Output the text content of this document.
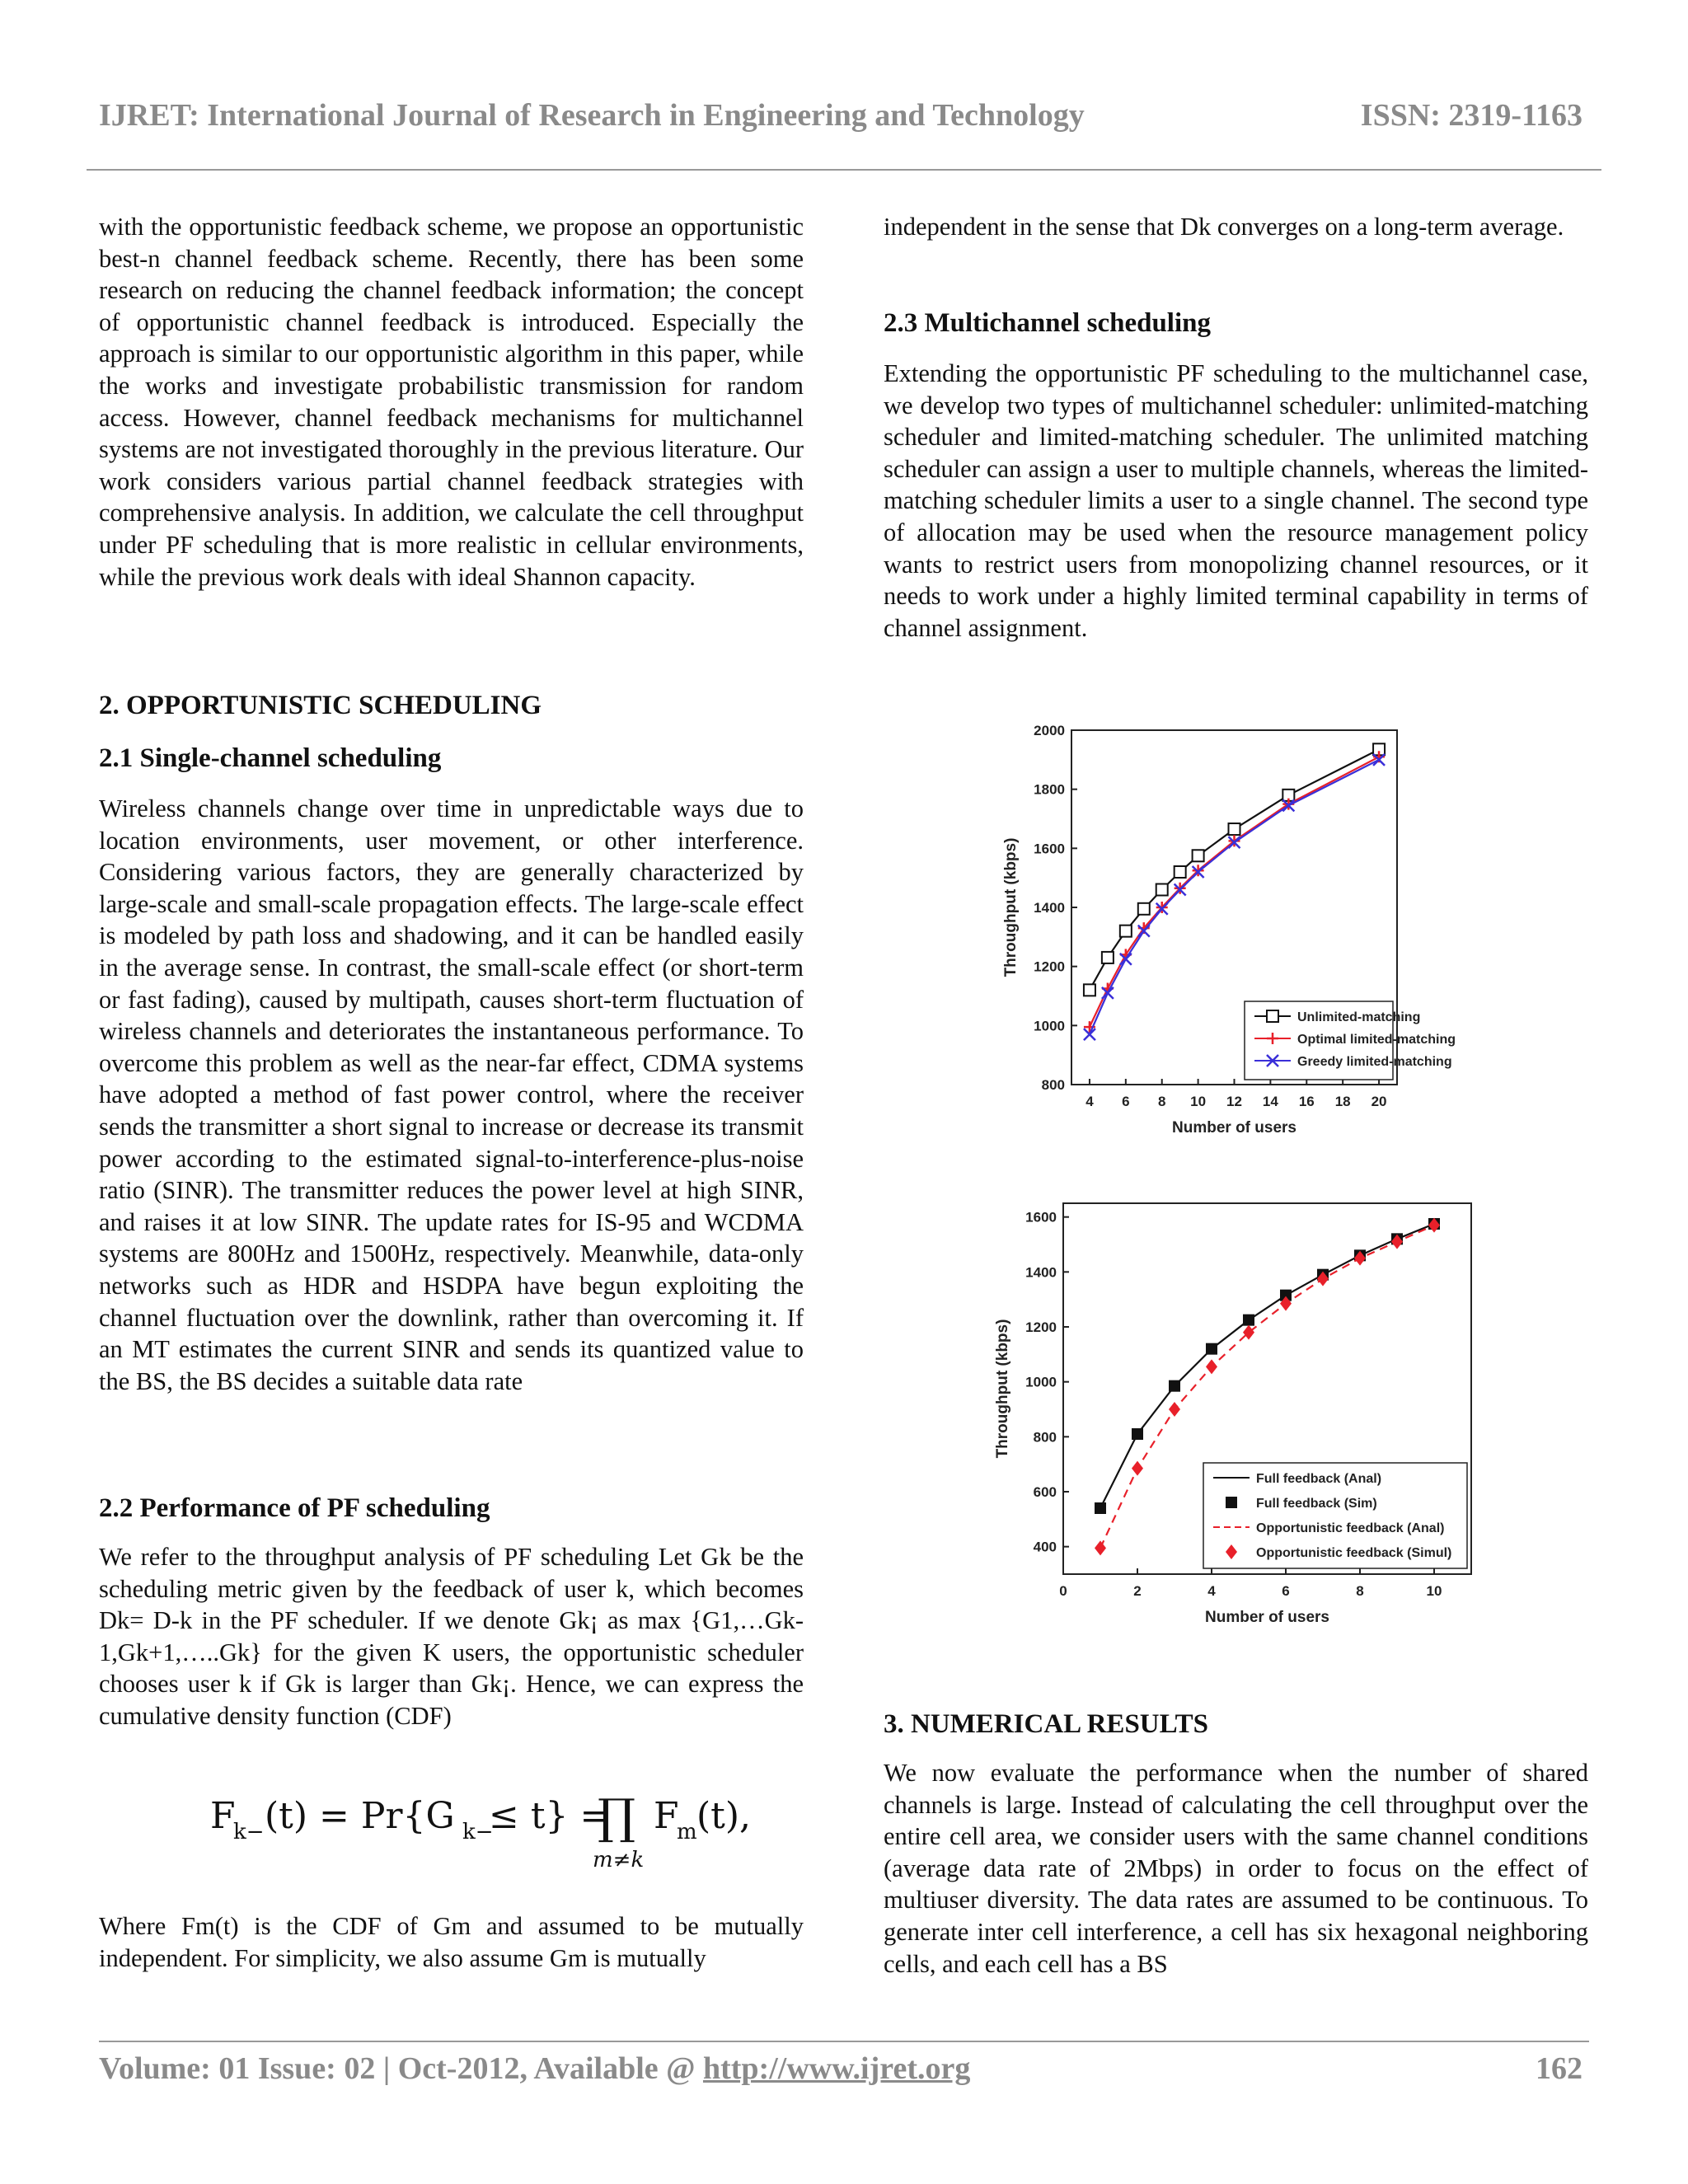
IJRET: International Journal of Research in Engineering and Technology	ISSN: 2319-1163

with the opportunistic feedback scheme, we propose an opportunistic best-n channel feedback scheme. Recently, there has been some research on reducing the channel feedback information; the concept of opportunistic channel feedback is introduced. Especially the approach is similar to our opportunistic algorithm in this paper, while the works and investigate probabilistic transmission for random access. However, channel feedback mechanisms for multichannel systems are not investigated thoroughly in the previous literature. Our work considers various partial channel feedback strategies with comprehensive analysis. In addition, we calculate the cell throughput under PF scheduling that is more realistic in cellular environments, while the previous work deals with ideal Shannon capacity.

2. OPPORTUNISTIC SCHEDULING

2.1 Single-channel scheduling

Wireless channels change over time in unpredictable ways due to location environments, user movement, or other interference. Considering various factors, they are generally characterized by large-scale and small-scale propagation effects. The large-scale effect is modeled by path loss and shadowing, and it can be handled easily in the average sense. In contrast, the small-scale effect (or short-term or fast fading), caused by multipath, causes short-term fluctuation of wireless channels and deteriorates the instantaneous performance. To overcome this problem as well as the near-far effect, CDMA systems have adopted a method of fast power control, where the receiver sends the transmitter a short signal to increase or decrease its transmit power according to the estimated signal-to-interference-plus-noise ratio (SINR). The transmitter reduces the power level at high SINR, and raises it at low SINR. The update rates for IS-95 and WCDMA systems are 800Hz and 1500Hz, respectively. Meanwhile, data-only networks such as HDR and HSDPA have begun exploiting the channel fluctuation over the downlink, rather than overcoming it. If an MT estimates the current SINR and sends its quantized value to the BS, the BS decides a suitable data rate

2.2 Performance of PF scheduling

We refer to the throughput analysis of PF scheduling Let Gk be the scheduling metric given by the feedback of user k, which becomes Dk= D-k in the PF scheduler. If we denote Gk¡ as max {G1,…Gk-1,Gk+1,…..Gk} for the given K users, the opportunistic scheduler chooses user k if Gk is larger than Gk¡. Hence, we can express the cumulative density function (CDF)

F
k− (t) = Pr{G k−
≤ t} =
∏
m≠k
F
m (t),

Where Fm(t) is the CDF of Gm and assumed to be mutually independent. For simplicity, we also assume Gm is mutually

independent in the sense that Dk converges on a long-term average.

2.3 Multichannel scheduling

Extending the opportunistic PF scheduling to the multichannel case, we develop two types of multichannel scheduler: unlimited-matching scheduler and limited-matching scheduler. The unlimited matching scheduler can assign a user to multiple channels, whereas the limited-matching scheduler limits a user to a single channel. The second type of allocation may be used when the resource management policy wants to restrict users from monopolizing channel resources, or it needs to work under a highly limited terminal capability in terms of channel assignment.

4 6 8 10 12 14 16 18 20
800
1000
1200
1400
1600
1800
2000
Number of users
Throughput (kbps)
Unlimited-matching
Optimal limited-matching
Greedy limited-matching
0	2	4	6	8	10
400
600
800
1000
1200
1400
1600
Number of users
Throughput (kbps)
Full feedback (Anal)
Full feedback (Sim)
Opportunistic feedback (Anal)
Opportunistic feedback (Simul)

3. NUMERICAL RESULTS

We now evaluate the performance when the number of shared channels is large. Instead of calculating the cell throughput over the entire cell area, we consider users with the same channel conditions (average data rate of 2Mbps) in order to focus on the effect of multiuser diversity. The data rates are assumed to be continuous. To generate inter cell interference, a cell has six hexagonal neighboring cells, and each cell has a BS

Volume: 01 Issue: 02 | Oct-2012, Available @ http://www.ijret.org	162
